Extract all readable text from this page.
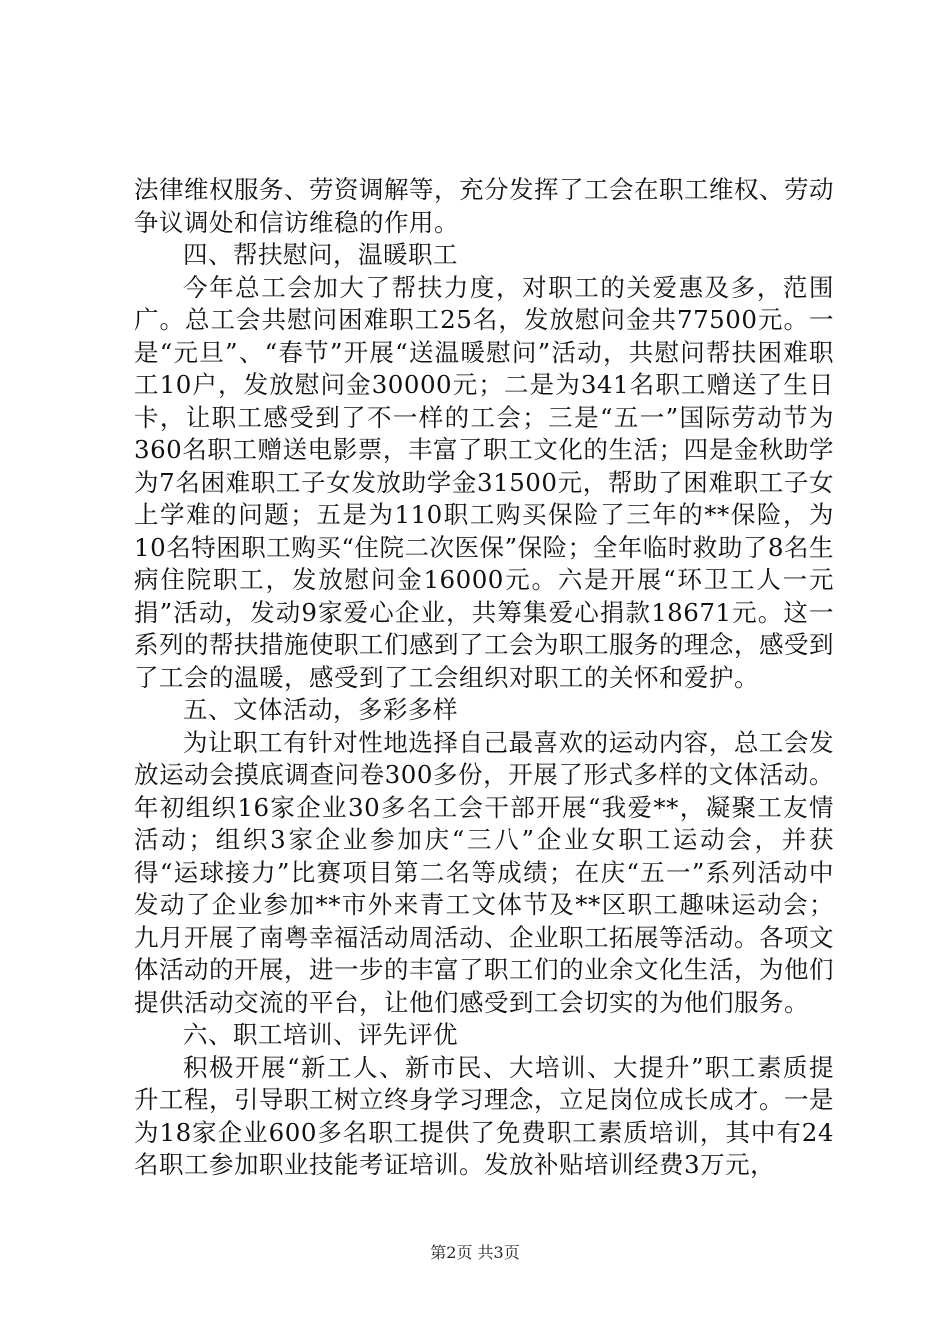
法律维权服务、劳资调解等，充分发挥了工会在职工维权、劳动争议调处和信访维稳的作用。

四、帮扶慰问，温暖职工

今年总工会加大了帮扶力度，对职工的关爱惠及多，范围广。总工会共慰问困难职工25名，发放慰问金共77500元。一是“元旦”、“春节”开展“送温暖慰问”活动，共慰问帮扶困难职工10户，发放慰问金30000元；二是为341名职工赠送了生日卡，让职工感受到了不一样的工会；三是“五一”国际劳动节为360名职工赠送电影票，丰富了职工文化的生活；四是金秋助学为7名困难职工子女发放助学金31500元，帮助了困难职工子女上学难的问题；五是为110职工购买保险了三年的**保险，为10名特困职工购买“住院二次医保”保险；全年临时救助了8名生病住院职工，发放慰问金16000元。六是开展“环卫工人一元捐”活动，发动9家爱心企业，共筹集爱心捐款18671元。这一系列的帮扶措施使职工们感到了工会为职工服务的理念，感受到了工会的温暖，感受到了工会组织对职工的关怀和爱护。

五、文体活动，多彩多样

为让职工有针对性地选择自己最喜欢的运动内容，总工会发放运动会摸底调查问卷300多份，开展了形式多样的文体活动。年初组织16家企业30多名工会干部开展“我爱**，凝聚工友情活动；组织3家企业参加庆“三八”企业女职工运动会，并获得“运球接力”比赛项目第二名等成绩；在庆“五一”系列活动中发动了企业参加**市外来青工文体节及**区职工趣味运动会；九月开展了南粤幸福活动周活动、企业职工拓展等活动。各项文体活动的开展，进一步的丰富了职工们的业余文化生活，为他们提供活动交流的平台，让他们感受到工会切实的为他们服务。

六、职工培训、评先评优

积极开展“新工人、新市民、大培训、大提升”职工素质提升工程，引导职工树立终身学习理念，立足岗位成长成才。一是为18家企业600多名职工提供了免费职工素质培训，其中有24名职工参加职业技能考证培训。发放补贴培训经费3万元，

第2页 共3页
